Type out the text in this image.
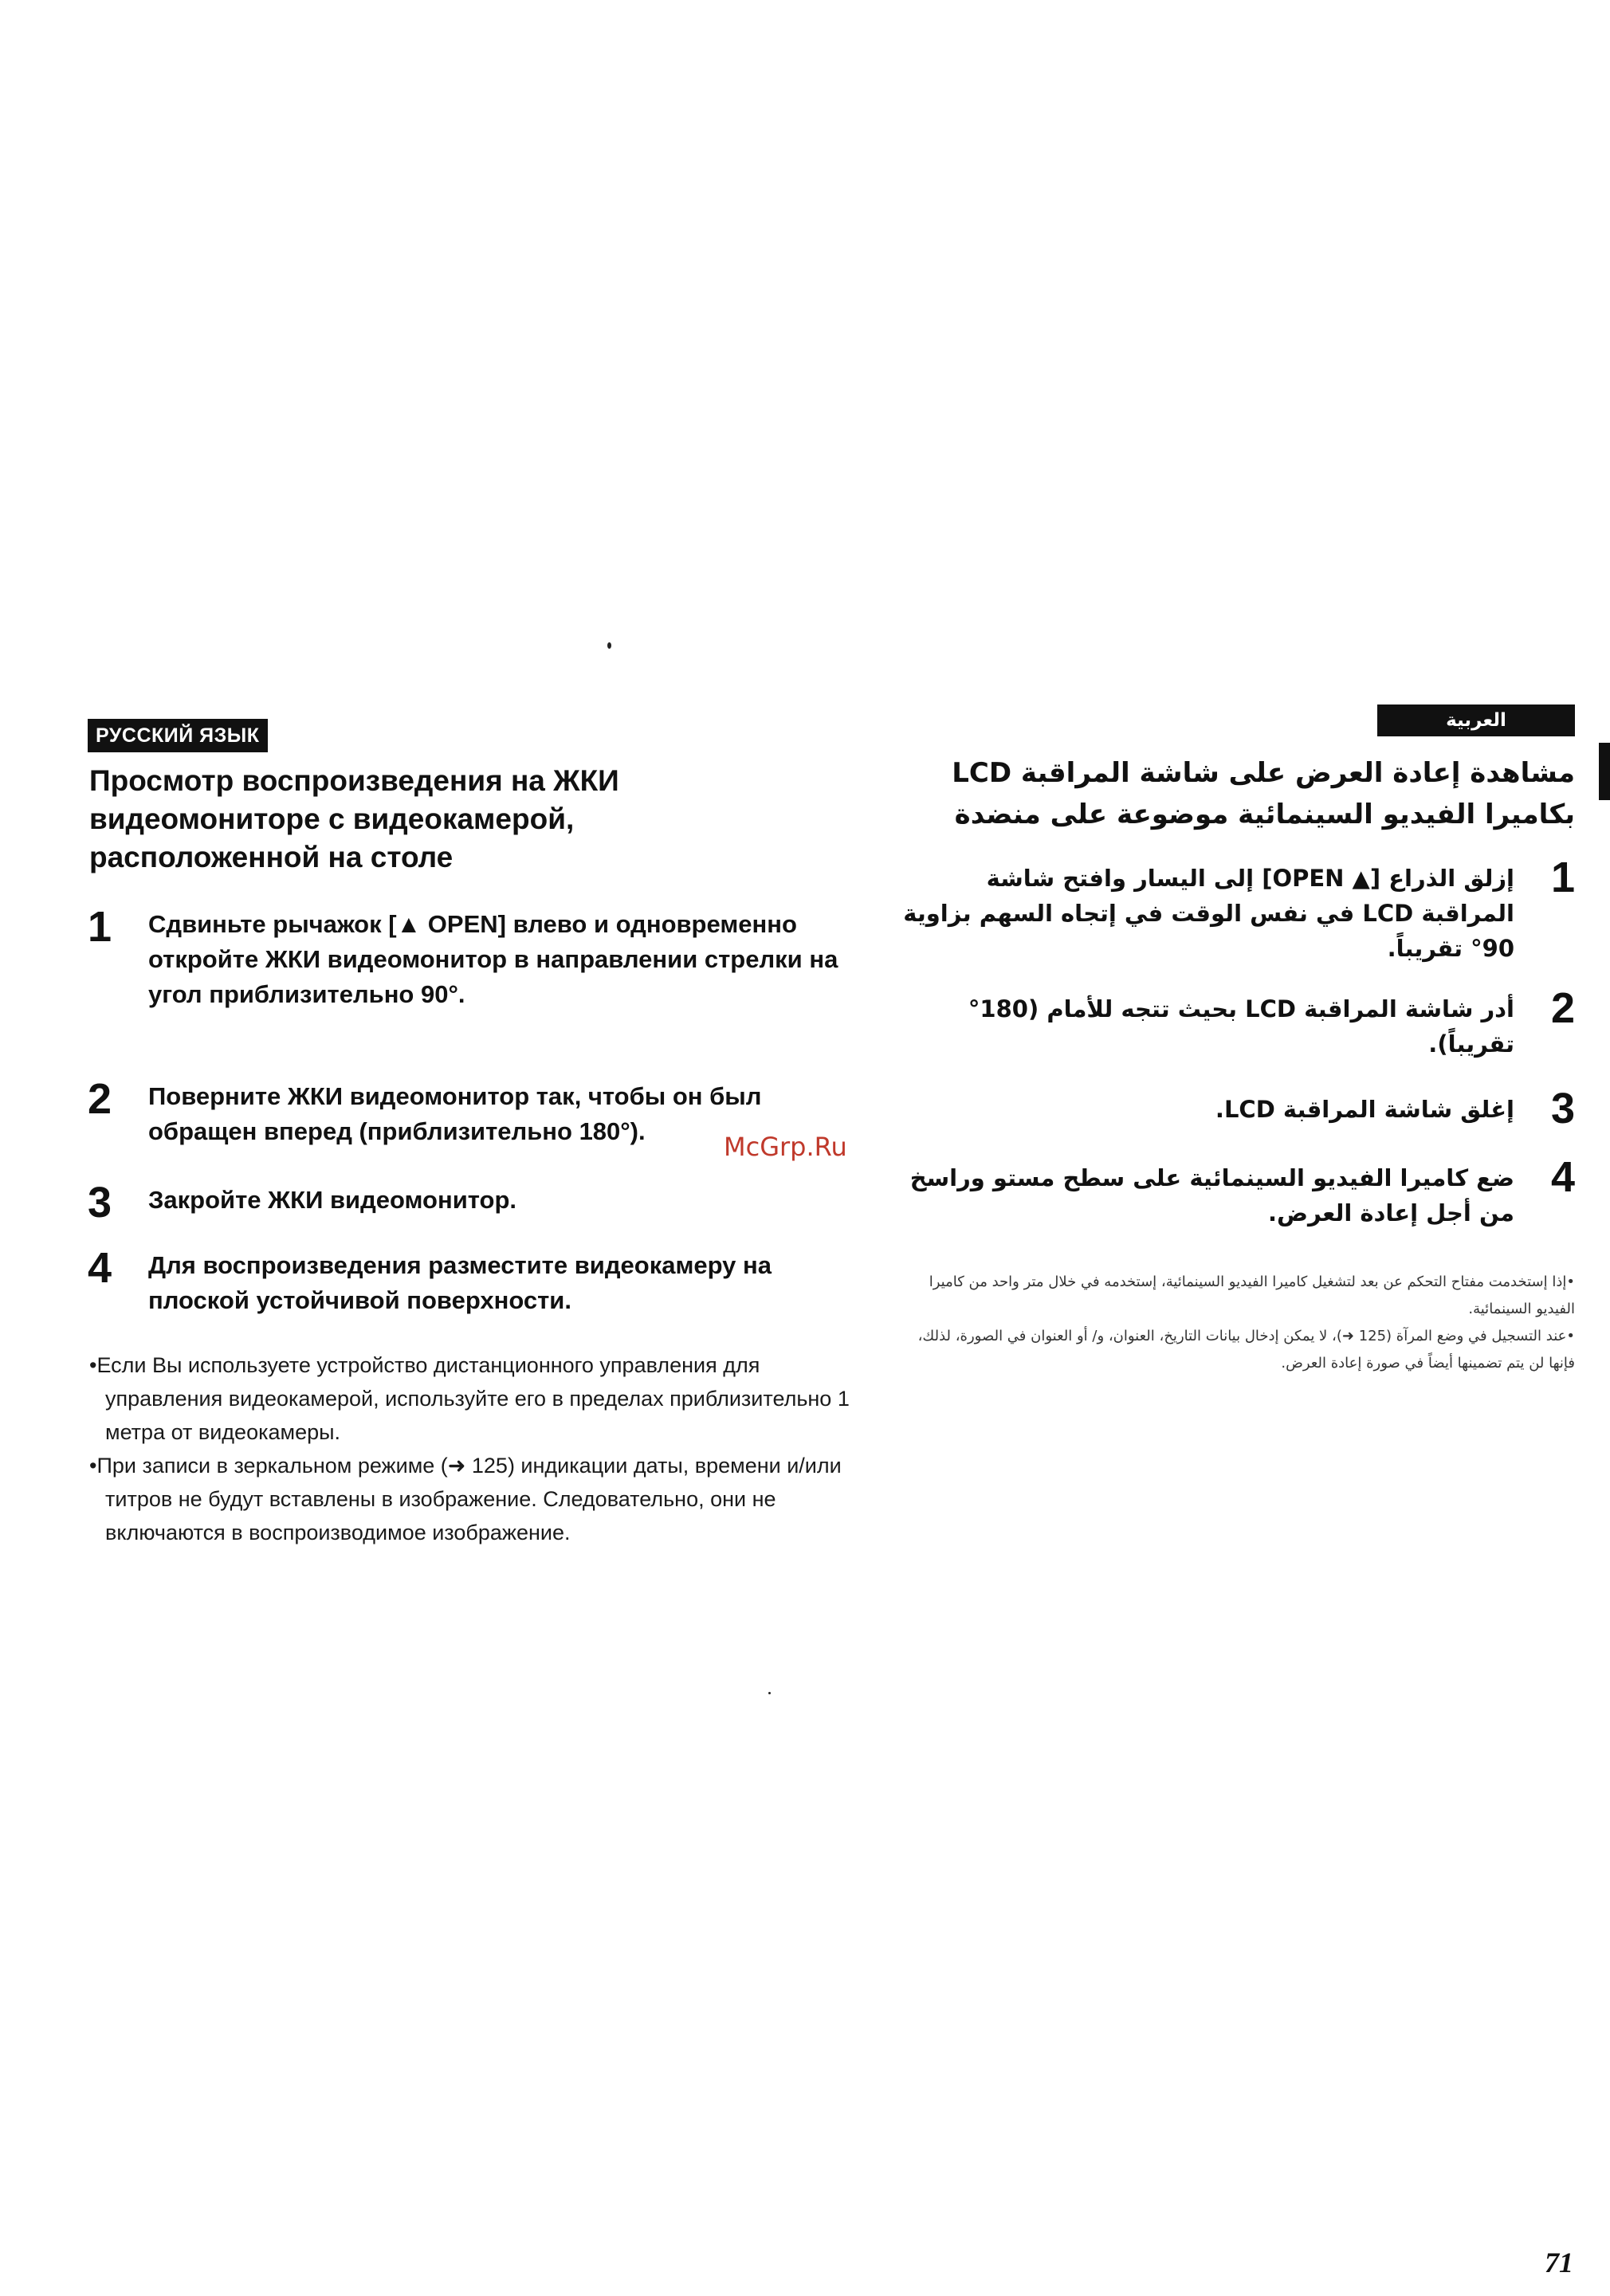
РУССКИЙ ЯЗЫК
Просмотр воспроизведения на ЖКИ видеомониторе с видеокамерой, расположенной на столе
1 Сдвиньте рычажок [▲ OPEN] влево и одновременно откройте ЖКИ видеомонитор в направлении стрелки на угол приблизительно 90°.
2 Поверните ЖКИ видеомонитор так, чтобы он был обращен вперед (приблизительно 180°).
3 Закройте ЖКИ видеомонитор.
4 Для воспроизведения разместите видеокамеру на плоской устойчивой поверхности.

•Если Вы используете устройство дистанционного управления для управления видеокамерой, используйте его в пределах приблизительно 1 метра от видеокамеры.

•При записи в зеркальном режиме (➜ 125) индикации даты, времени и/или титров не будут вставлены в изображение. Следовательно, они не включаются в воспроизводимое изображение.

McGrp.Ru
العربية
مشاهدة إعادة العرض على شاشة المراقبة LCD بكاميرا الفيديو السينمائية موضوعة على منضدة
1
إزلق الذراع [▲ OPEN] إلى اليسار وافتح شاشة المراقبة LCD في نفس الوقت في إتجاه السهم بزاوية 90° تقريباً.
2
أدر شاشة المراقبة LCD بحيث تتجه للأمام (180° تقريباً).
3
إغلق شاشة المراقبة LCD.
4
ضع كاميرا الفيديو السينمائية على سطح مستو وراسخ من أجل إعادة العرض.

•إذا إستخدمت مفتاح التحكم عن بعد لتشغيل كاميرا الفيديو السينمائية، إستخدمه في خلال متر واحد من كاميرا الفيديو السينمائية.

•عند التسجيل في وضع المرآة (125 ➜)، لا يمكن إدخال بيانات التاريخ، العنوان، و/ أو العنوان في الصورة، لذلك، فإنها لن يتم تضمينها أيضاً في صورة إعادة العرض.

71
